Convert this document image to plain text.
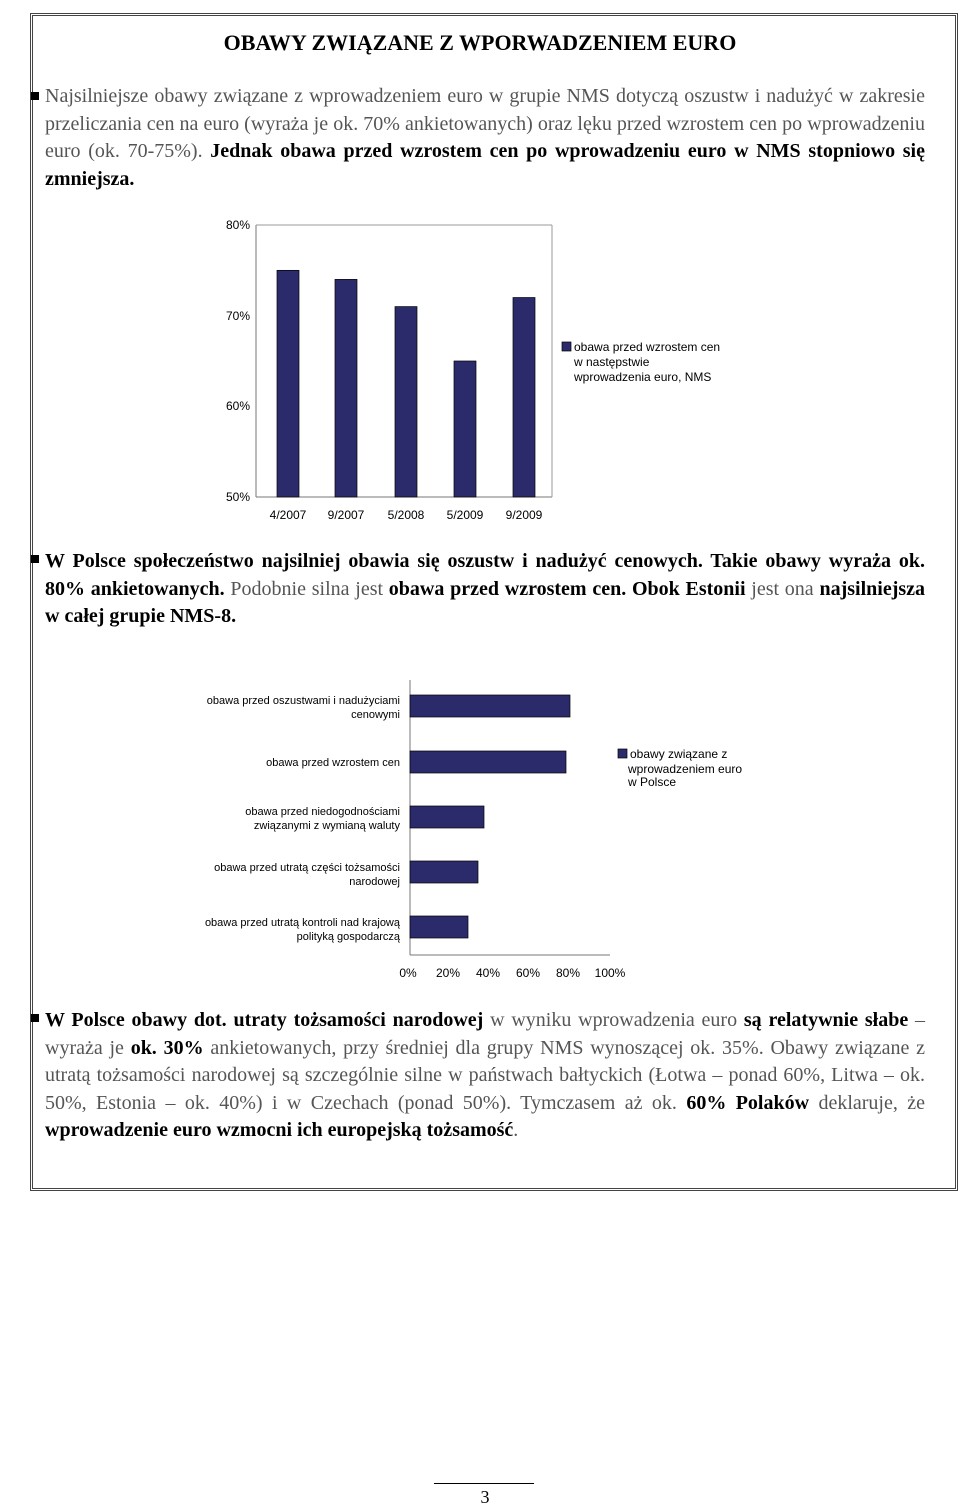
OBAWY ZWIĄZANE Z WPORWADZENIEM EURO
Najsilniejsze obawy związane z wprowadzeniem euro w grupie NMS dotyczą oszustw i nadużyć w zakresie przeliczania cen na euro (wyraża je ok. 70% ankietowanych) oraz lęku przed wzrostem cen po wprowadzeniu euro (ok. 70-75%). Jednak obawa przed wzrostem cen po wprowadzeniu euro w NMS stopniowo się zmniejsza.
80%
70%
60%
50%
4/2007 9/2007 5/2008 5/2009 9/2009
obawa przed wzrostem cen
w następstwie
wprowadzenia euro, NMS
W Polsce społeczeństwo najsilniej obawia się oszustw i nadużyć cenowych. Takie obawy wyraża ok. 80% ankietowanych. Podobnie silna jest obawa przed wzrostem cen. Obok Estonii jest ona najsilniejsza w całej grupie NMS-8.
obawa przed oszustwami i nadużyciami
cenowymi
obawa przed wzrostem cen
obawa przed niedogodnościami
związanymi z wymianą waluty
obawa przed utratą części tożsamości
narodowej
obawa przed utratą kontroli nad krajową
polityką gospodarczą
0% 20% 40% 60% 80% 100%
obawy związane z
wprowadzeniem euro
w Polsce
W Polsce obawy dot. utraty tożsamości narodowej w wyniku wprowadzenia euro są relatywnie słabe – wyraża je ok. 30% ankietowanych, przy średniej dla grupy NMS wynoszącej ok. 35%. Obawy związane z utratą tożsamości narodowej są szczególnie silne w państwach bałtyckich (Łotwa – ponad 60%, Litwa – ok. 50%, Estonia – ok. 40%) i w Czechach (ponad 50%). Tymczasem aż ok. 60% Polaków deklaruje, że wprowadzenie euro wzmocni ich europejską tożsamość.
3
